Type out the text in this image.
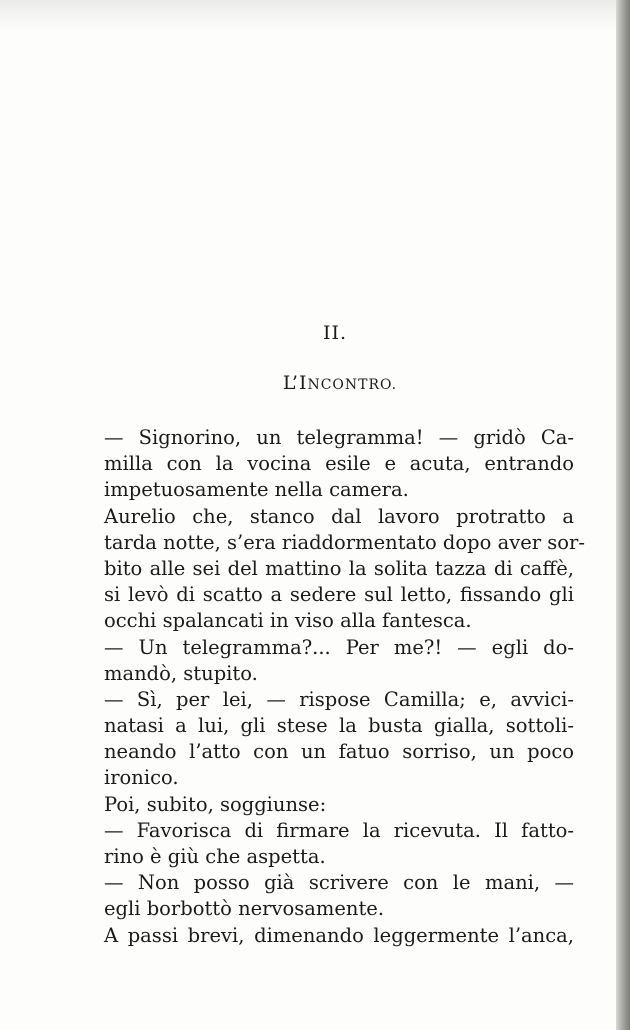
II.
L’INCONTRO.
— Signorino, un telegramma! — gridò Ca-
milla con la vocina esile e acuta, entrando
impetuosamente nella camera.
Aurelio che, stanco dal lavoro protratto a
tarda notte, s’era riaddormentato dopo aver sor-
bito alle sei del mattino la solita tazza di caffè,
si levò di scatto a sedere sul letto, fissando gli
occhi spalancati in viso alla fantesca.
— Un telegramma?... Per me?! — egli do-
mandò, stupito.
— Sì, per lei, — rispose Camilla; e, avvici-
natasi a lui, gli stese la busta gialla, sottoli-
neando l’atto con un fatuo sorriso, un poco
ironico.
Poi, subito, soggiunse:
— Favorisca di firmare la ricevuta. Il fatto-
rino è giù che aspetta.
— Non posso già scrivere con le mani, —
egli borbottò nervosamente.
A passi brevi, dimenando leggermente l’anca,
